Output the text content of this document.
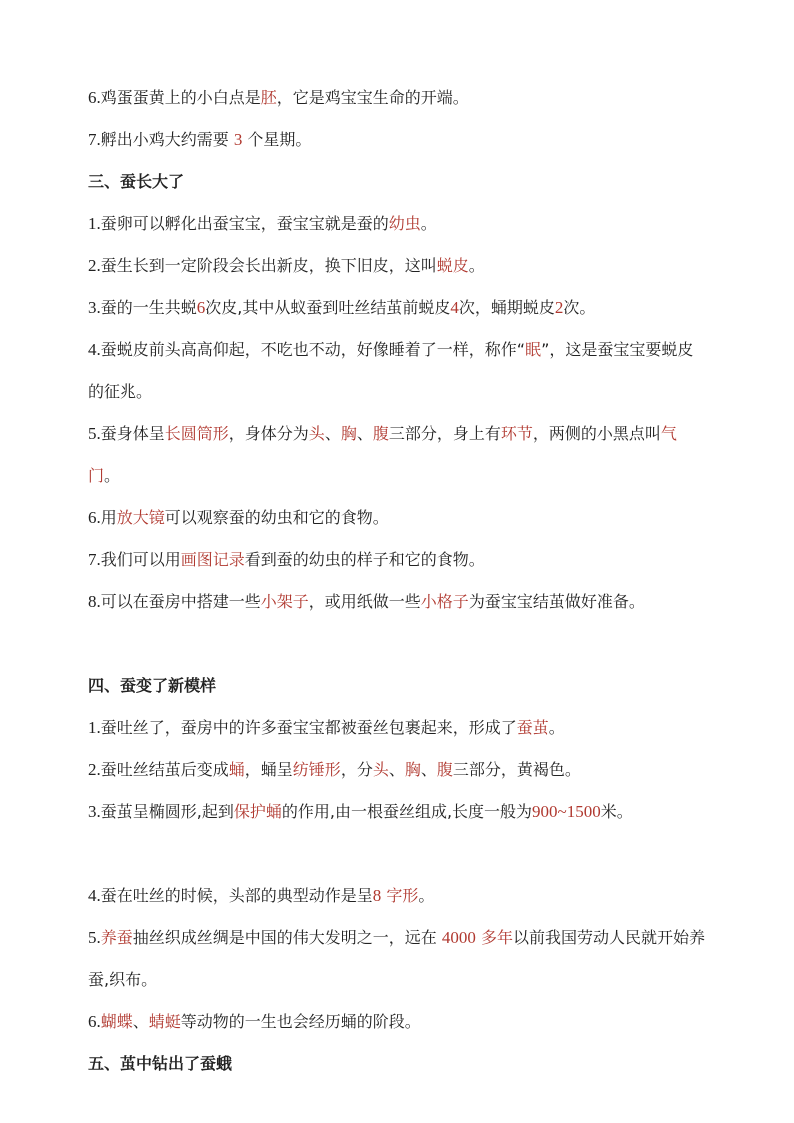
6.鸡蛋蛋黄上的小白点是胚，它是鸡宝宝生命的开端。

7.孵出小鸡大约需要 3 个星期。

三、蚕长大了

1.蚕卵可以孵化出蚕宝宝，蚕宝宝就是蚕的幼虫。

2.蚕生长到一定阶段会长出新皮，换下旧皮，这叫蜕皮。

3.蚕的一生共蜕6次皮,其中从蚁蚕到吐丝结茧前蜕皮4次，蛹期蜕皮2次。

4.蚕蜕皮前头高高仰起，不吃也不动，好像睡着了一样，称作“眠”，这是蚕宝宝要蜕皮的征兆。

5.蚕身体呈长圆筒形，身体分为头、胸、腹三部分，身上有环节，两侧的小黑点叫气门。

6.用放大镜可以观察蚕的幼虫和它的食物。

7.我们可以用画图记录看到蚕的幼虫的样子和它的食物。

8.可以在蚕房中搭建一些小架子，或用纸做一些小格子为蚕宝宝结茧做好准备。

四、蚕变了新模样

1.蚕吐丝了，蚕房中的许多蚕宝宝都被蚕丝包裹起来，形成了蚕茧。

2.蚕吐丝结茧后变成蛹，蛹呈纺锤形，分头、胸、腹三部分，黄褐色。

3.蚕茧呈椭圆形,起到保护蛹的作用,由一根蚕丝组成,长度一般为900~1500米。

4.蚕在吐丝的时候，头部的典型动作是呈8 字形。

5.养蚕抽丝织成丝绸是中国的伟大发明之一，远在 4000 多年以前我国劳动人民就开始养蚕,织布。

6.蝴蝶、蜻蜓等动物的一生也会经历蛹的阶段。

五、茧中钻出了蚕蛾
